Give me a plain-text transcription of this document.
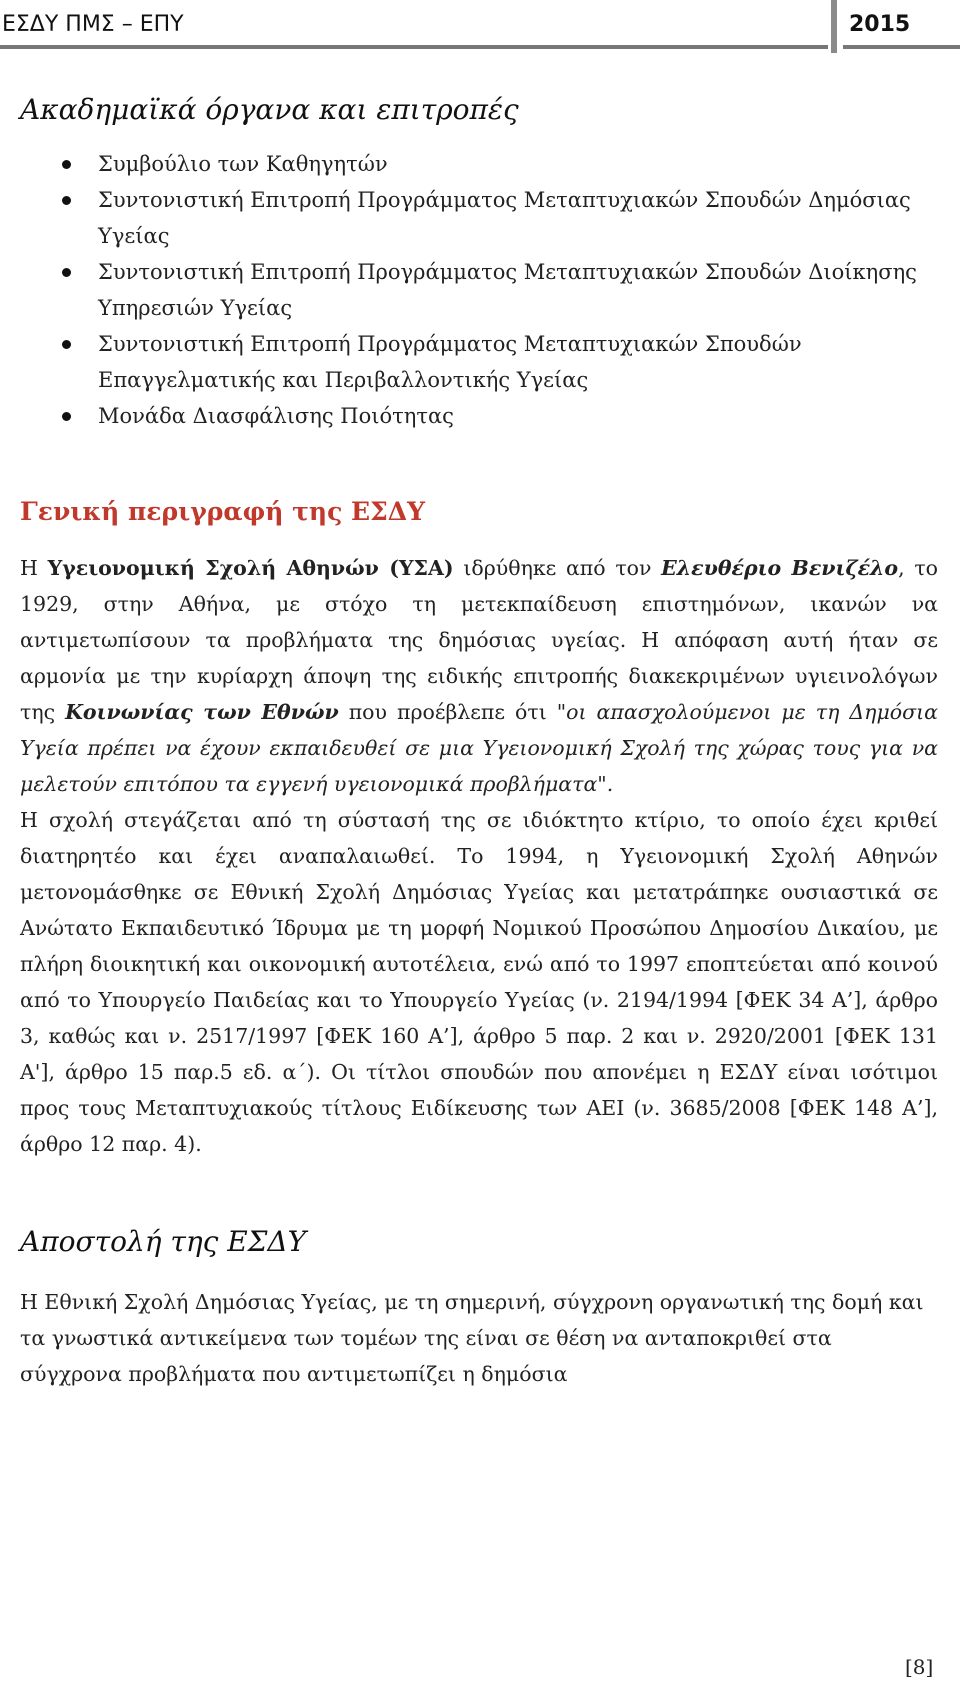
ΕΣΔΥ ΠΜΣ – ΕΠΥ	2015
Ακαδημαϊκά όργανα και επιτροπές
Συμβούλιο των Καθηγητών
Συντονιστική Επιτροπή Προγράμματος Μεταπτυχιακών Σπουδών Δημόσιας Υγείας
Συντονιστική Επιτροπή Προγράμματος Μεταπτυχιακών Σπουδών Διοίκησης Υπηρεσιών Υγείας
Συντονιστική Επιτροπή Προγράμματος Μεταπτυχιακών Σπουδών Επαγγελματικής και Περιβαλλοντικής Υγείας
Μονάδα Διασφάλισης Ποιότητας
Γενική περιγραφή της ΕΣΔΥ

Η Υγειονομική Σχολή Αθηνών (ΥΣΑ) ιδρύθηκε από τον Ελευθέριο Βενιζέλο, το 1929, στην Αθήνα, με στόχο τη μετεκπαίδευση επιστημόνων, ικανών να αντιμετωπίσουν τα προβλήματα της δημόσιας υγείας. Η απόφαση αυτή ήταν σε αρμονία με την κυρίαρχη άποψη της ειδικής επιτροπής διακεκριμένων υγιεινολόγων της Κοινωνίας των Εθνών που προέβλεπε ότι "οι απασχολούμενοι με τη Δημόσια Υγεία πρέπει να έχουν εκπαιδευθεί σε μια Υγειονομική Σχολή της χώρας τους για να μελετούν επιτόπου τα εγγενή υγειονομικά προβλήματα".

Η σχολή στεγάζεται από τη σύστασή της σε ιδιόκτητο κτίριο, το οποίο έχει κριθεί διατηρητέο και έχει αναπαλαιωθεί. Το 1994, η Υγειονομική Σχολή Αθηνών μετονομάσθηκε σε Εθνική Σχολή Δημόσιας Υγείας και μετατράπηκε ουσιαστικά σε Ανώτατο Εκπαιδευτικό Ίδρυμα με τη μορφή Νομικού Προσώπου Δημοσίου Δικαίου, με πλήρη διοικητική και οικονομική αυτοτέλεια, ενώ από το 1997 εποπτεύεται από κοινού από το Υπουργείο Παιδείας και το Υπουργείο Υγείας (ν. 2194/1994 [ΦΕΚ 34 Α’], άρθρο 3, καθώς και ν. 2517/1997 [ΦΕΚ 160 Α’], άρθρο 5 παρ. 2 και ν. 2920/2001 [ΦΕΚ 131 Α'], άρθρο 15 παρ.5 εδ. α΄). Οι τίτλοι σπουδών που απονέμει η ΕΣΔΥ είναι ισότιμοι προς τους Μεταπτυχιακούς τίτλους Ειδίκευσης των ΑΕΙ (ν. 3685/2008 [ΦΕΚ 148 Α’], άρθρο 12 παρ. 4).

Αποστολή της ΕΣΔΥ

Η Εθνική Σχολή Δημόσιας Υγείας, με τη σημερινή, σύγχρονη οργανωτική της δομή και τα γνωστικά αντικείμενα των τομέων της είναι σε θέση να ανταποκριθεί στα σύγχρονα προβλήματα που αντιμετωπίζει η δημόσια

[8]
